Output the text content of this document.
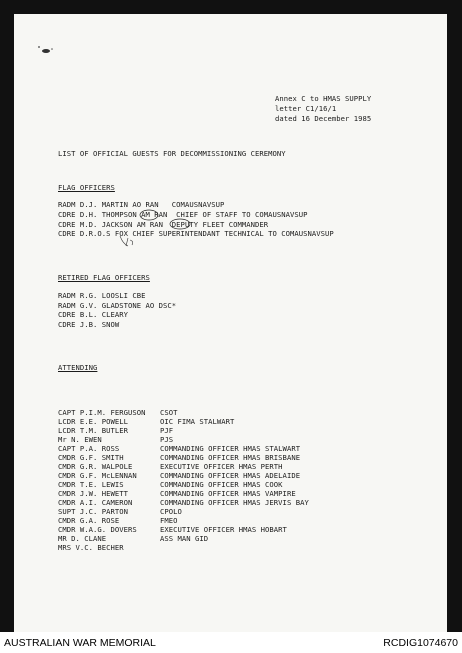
Annex C to HMAS SUPPLY
letter C1/16/1
dated 16 December 1985
LIST OF OFFICIAL GUESTS FOR DECOMMISSIONING CEREMONY
FLAG OFFICERS
RADM D.J. MARTIN AO RAN   COMAUSNAVSUP
CDRE D.H. THOMPSON AM RAN  CHIEF OF STAFF TO COMAUSNAVSUP
CDRE M.D. JACKSON AM RAN  DEPUTY FLEET COMMANDER
CDRE D.R.O.S FOX CHIEF SUPERINTENDANT TECHNICAL TO COMAUSNAVSUP
RETIRED FLAG OFFICERS
RADM R.G. LOOSLI CBE
RADM G.V. GLADSTONE AO DSC*
CDRE B.L. CLEARY
CDRE J.B. SNOW
ATTENDING
CAPT P.I.M. FERGUSON CSOT
LCDR E.E. POWELL	OIC FIMA STALWART
LCDR T.M. BUTLER	PJF
Mr N. EWEN	PJS
CAPT P.A. ROSS	COMMANDING OFFICER HMAS STALWART
CMDR G.F. SMITH	COMMANDING OFFICER HMAS BRISBANE
CMDR G.R. WALPOLE	EXECUTIVE OFFICER HMAS PERTH
CMDR G.F. McLENNAN	COMMANDING OFFICER HMAS ADELAIDE
CMDR T.E. LEWIS	COMMANDING OFFICER HMAS COOK
CMDR J.W. HEWETT	COMMANDING OFFICER HMAS VAMPIRE
CMDR A.I. CAMERON	COMMANDING OFFICER HMAS JERVIS BAY
SUPT J.C. PARTON	CPOLO
CMDR G.A. ROSE	FMEO
CMDR W.A.G. DOVERS	EXECUTIVE OFFICER HMAS HOBART
MR D. CLANE	ASS MAN GID
MRS V.C. BECHER
AUSTRALIAN WAR MEMORIAL	RCDIG1074670
